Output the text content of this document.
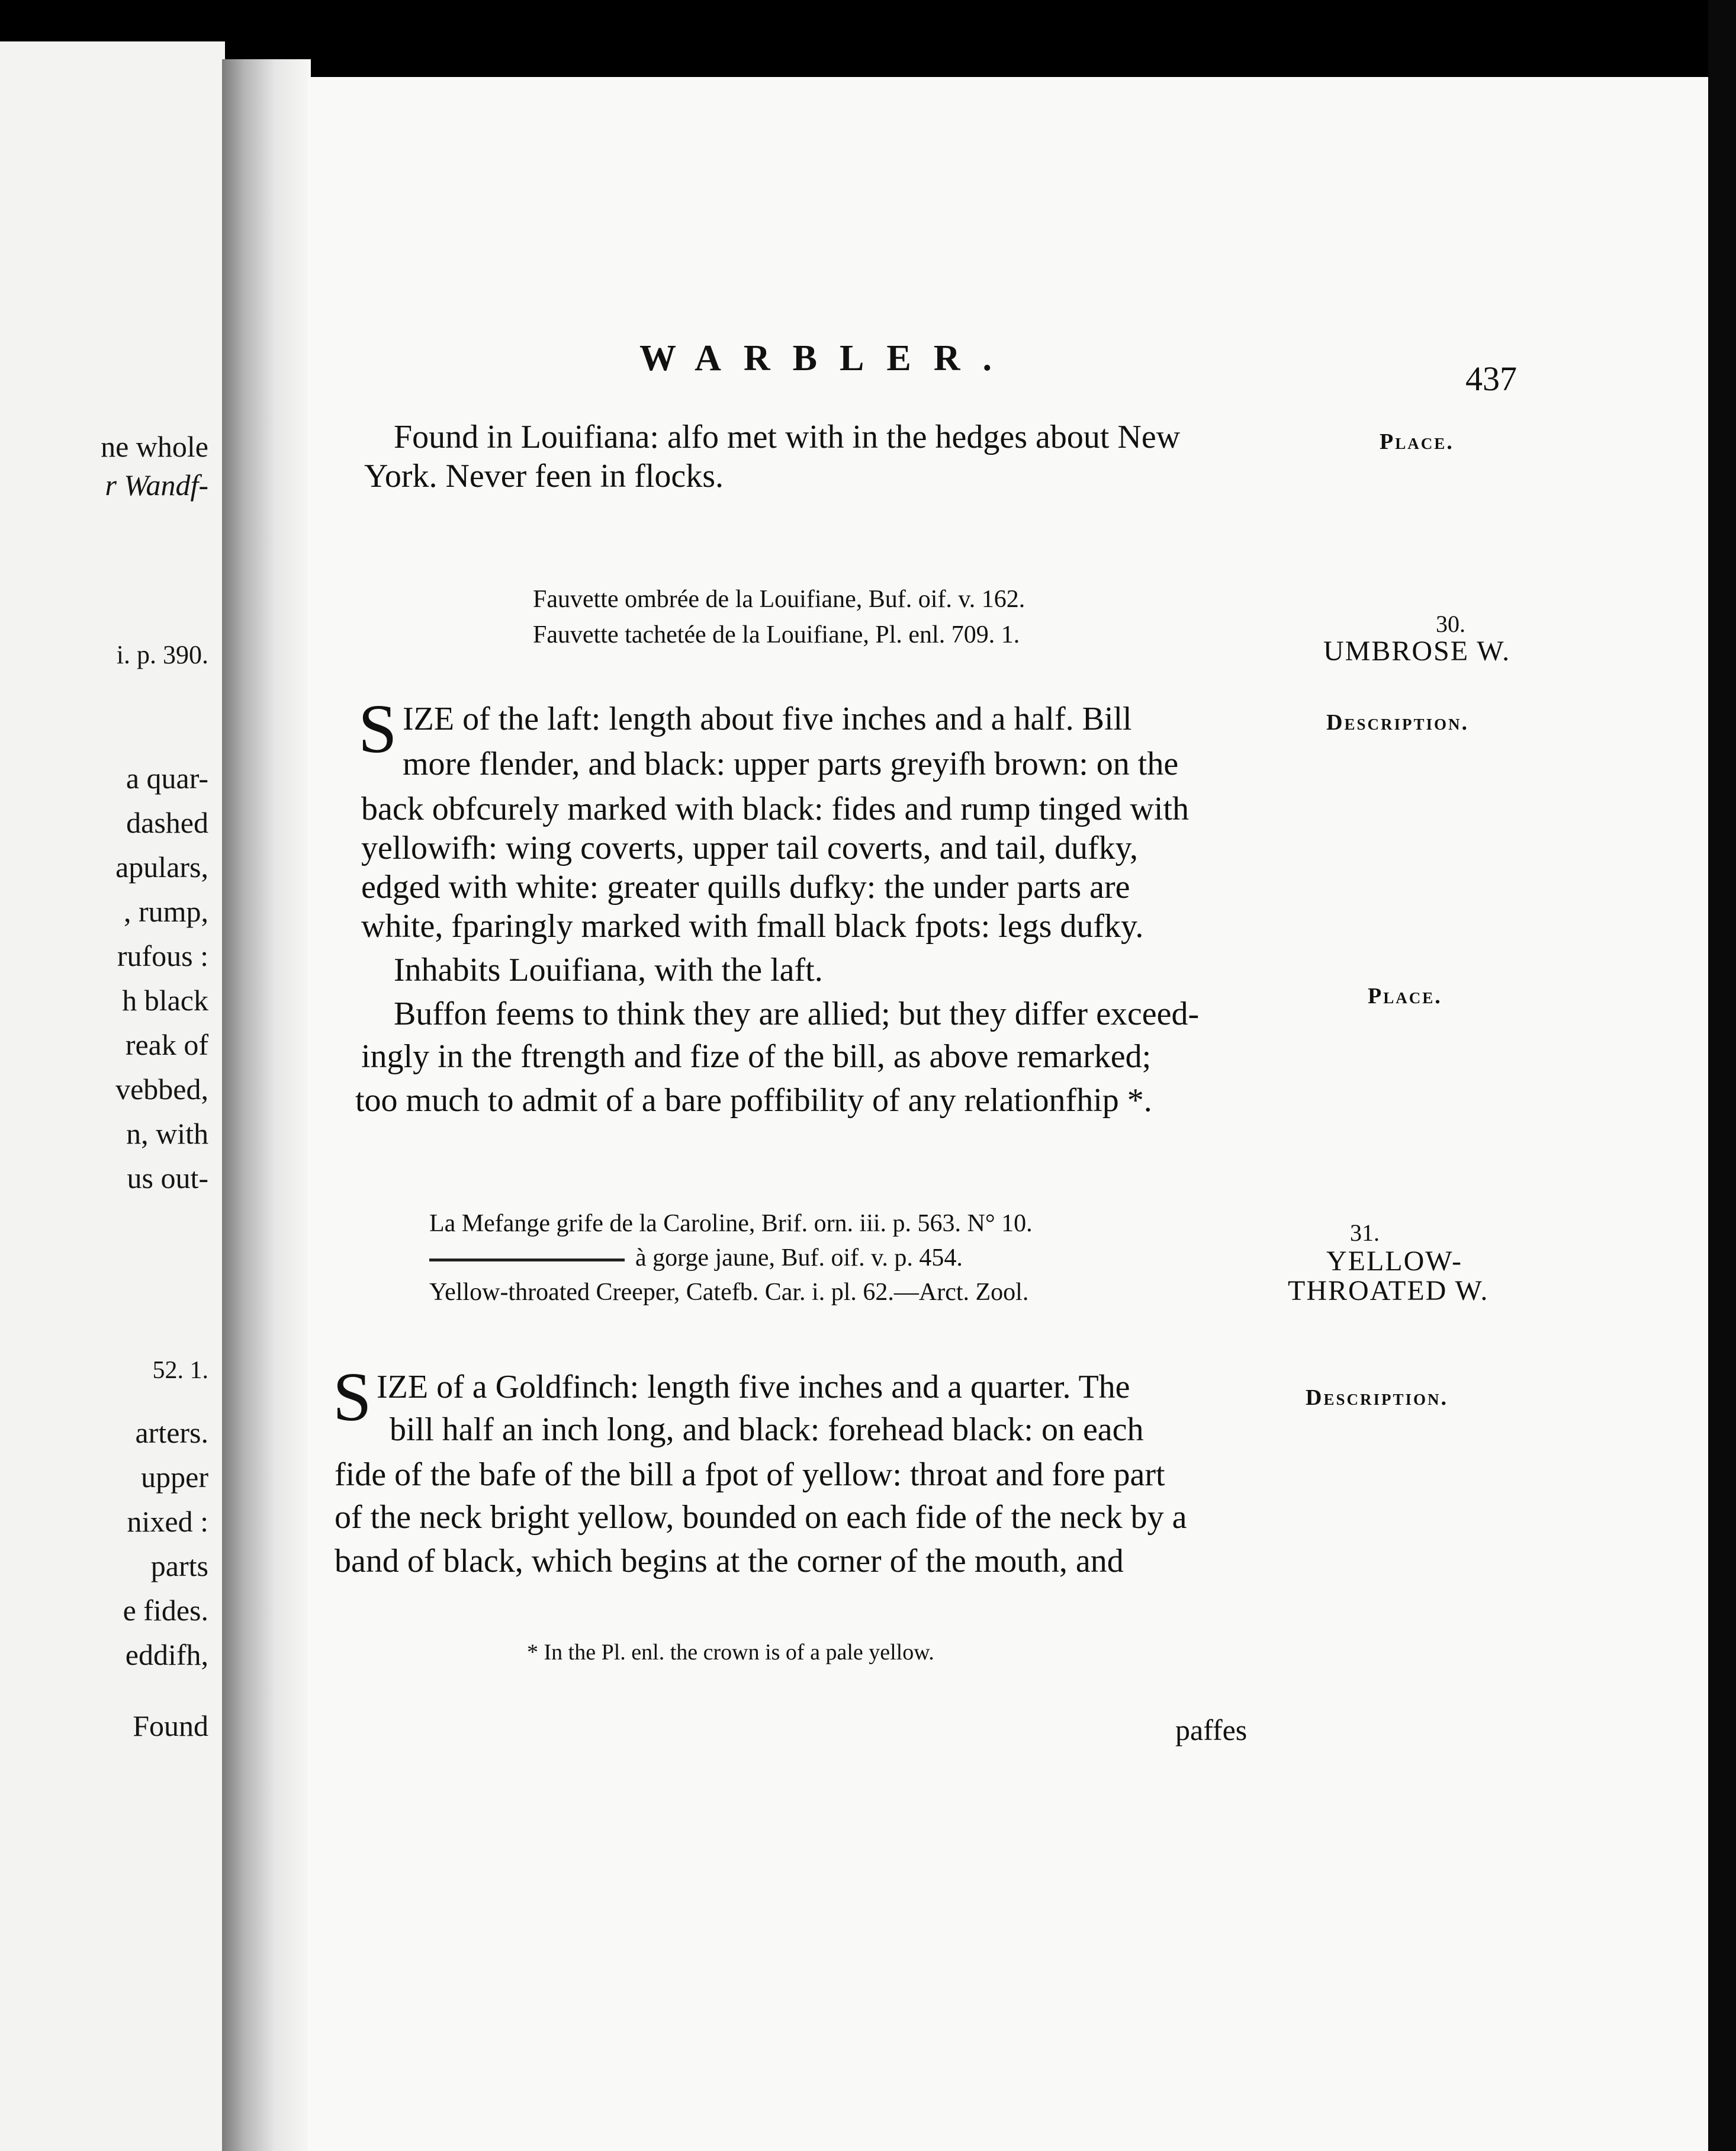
ne whole
r Wandf-
i. p. 390.
a quar-
dashed
apulars,
, rump,
rufous :
h black
reak of
vebbed,
n, with
us out-
52. 1.
arters.
upper
nixed :
parts
e fides.
eddifh,
Found
WARBLER.
437
Found in Louifiana: alfo met with in the hedges about New
York. Never feen in flocks.
Place.
Fauvette ombrée de la Louifiane, Buf. oif. v. 162.
Fauvette tachetée de la Louifiane, Pl. enl. 709. 1.	30.
UMBROSE W.
S IZE of the laft: length about five inches and a half. Bill
more flender, and black: upper parts greyifh brown: on the
back obfcurely marked with black: fides and rump tinged with
yellowifh: wing coverts, upper tail coverts, and tail, dufky,
edged with white: greater quills dufky: the under parts are
white, fparingly marked with fmall black fpots: legs dufky.
Description.
Inhabits Louifiana, with the laft.
Buffon feems to think they are allied; but they differ exceed-
ingly in the ftrength and fize of the bill, as above remarked;
too much to admit of a bare poffibility of any relationfhip *.
Place.
La Mefange grife de la Caroline, Brif. orn. iii. p. 563. N° 10.
à gorge jaune, Buf. oif. v. p. 454.
Yellow-throated Creeper, Catefb. Car. i. pl. 62.—Arct. Zool.
31.
YELLOW-
THROATED W.
S IZE of a Goldfinch: length five inches and a quarter. The
bill half an inch long, and black: forehead black: on each
fide of the bafe of the bill a fpot of yellow: throat and fore part
of the neck bright yellow, bounded on each fide of the neck by a
band of black, which begins at the corner of the mouth, and
Description.
* In the Pl. enl. the crown is of a pale yellow.
paffes
